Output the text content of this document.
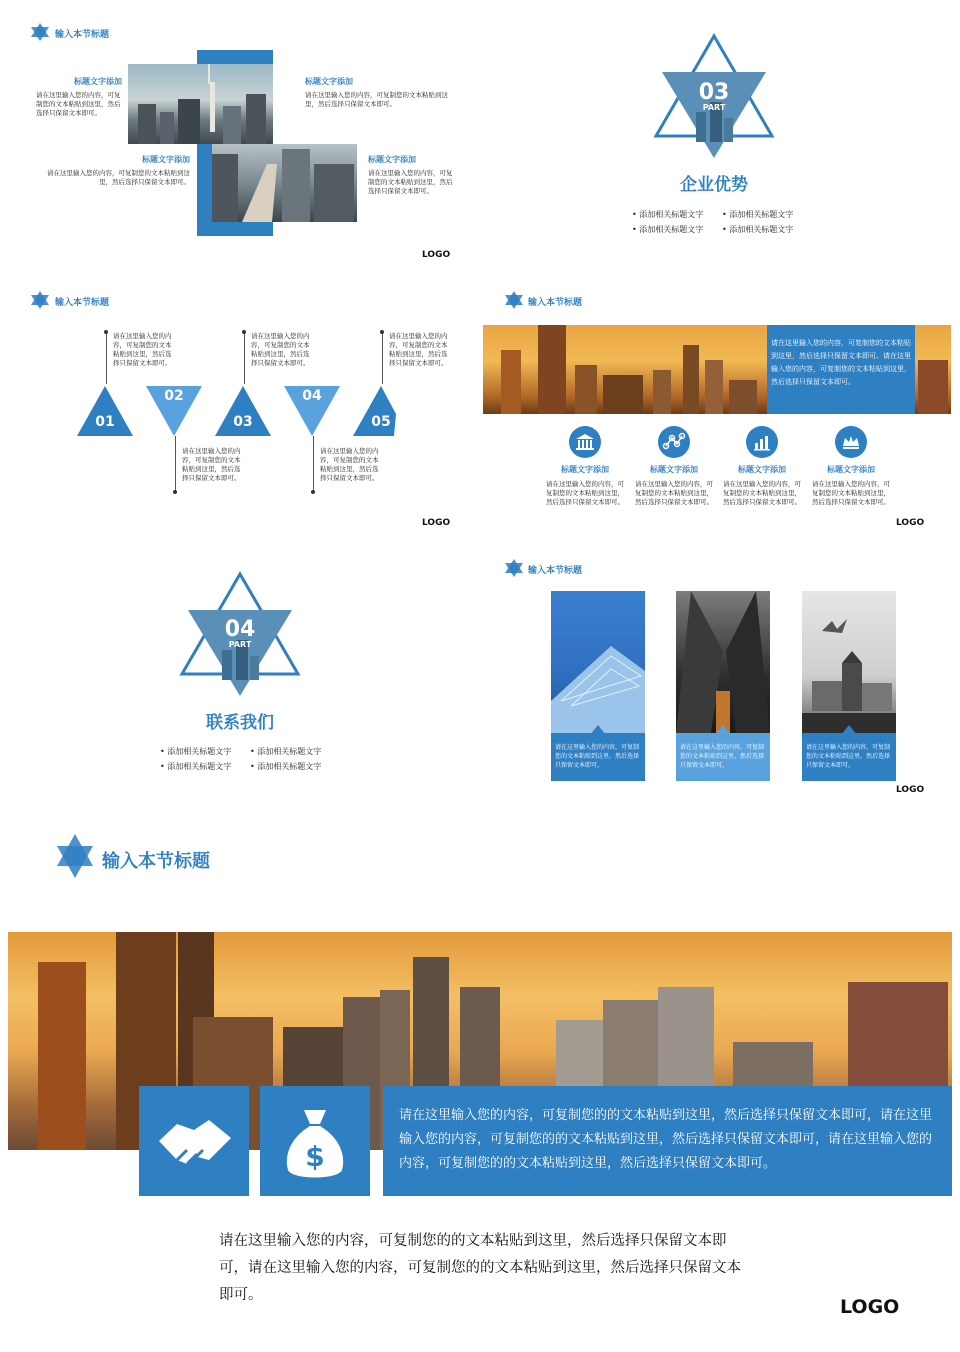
输入本节标题
标题文字添加
请在这里输入您的内容，可复制您的文本粘贴到这里，然后选择只保留文本即可。
标题文字添加
请在这里输入您的内容，可复制您的文本粘贴到这里，然后选择只保留文本即可。
标题文字添加
请在这里输入您的内容，可复制您的文本粘贴到这里，然后选择只保留文本即可。
标题文字添加
请在这里输入您的内容，可复制您的文本粘贴到这里，然后选择只保留文本即可。
LOGO
03
PART
企业优势
• 添加相关标题文字	• 添加相关标题文字
• 添加相关标题文字	• 添加相关标题文字
输入本节标题
01
02
03
04
05
请在这里输入您的内容，可复制您的文本粘贴到这里，然后选择只保留文本即可。
请在这里输入您的内容，可复制您的文本粘贴到这里，然后选择只保留文本即可。
请在这里输入您的内容，可复制您的文本粘贴到这里，然后选择只保留文本即可。
请在这里输入您的内容，可复制您的文本粘贴到这里，然后选择只保留文本即可。
请在这里输入您的内容，可复制您的文本粘贴到这里，然后选择只保留文本即可。
LOGO
输入本节标题
请在这里输入您的内容，可复制您的文本粘贴到这里，然后选择只保留文本即可。请在这里输入您的内容，可复制您的文本粘贴到这里，然后选择只保留文本即可。
标题文字添加
请在这里输入您的内容，可复制您的文本粘贴到这里，然后选择只保留文本即可。
标题文字添加
请在这里输入您的内容，可复制您的文本粘贴到这里，然后选择只保留文本即可。
标题文字添加
请在这里输入您的内容，可复制您的文本粘贴到这里，然后选择只保留文本即可。
标题文字添加
请在这里输入您的内容，可复制您的文本粘贴到这里，然后选择只保留文本即可。
LOGO
04
PART
联系我们
• 添加相关标题文字	• 添加相关标题文字
• 添加相关标题文字	• 添加相关标题文字
输入本节标题
请在这里输入您的内容，可复制您的文本粘贴到这里，然后选择只保留文本即可。
请在这里输入您的内容，可复制您的文本粘贴到这里，然后选择只保留文本即可。
请在这里输入您的内容，可复制您的文本粘贴到这里，然后选择只保留文本即可。
LOGO
输入本节标题
$
请在这里输入您的内容，可复制您的的文本粘贴到这里，然后选择只保留文本即可，请在这里输入您的内容，可复制您的的文本粘贴到这里，然后选择只保留文本即可，请在这里输入您的内容，可复制您的的文本粘贴到这里，然后选择只保留文本即可。
请在这里输入您的内容，可复制您的的文本粘贴到这里，然后选择只保留文本即可，请在这里输入您的内容，可复制您的的文本粘贴到这里，然后选择只保留文本即可。
LOGO
